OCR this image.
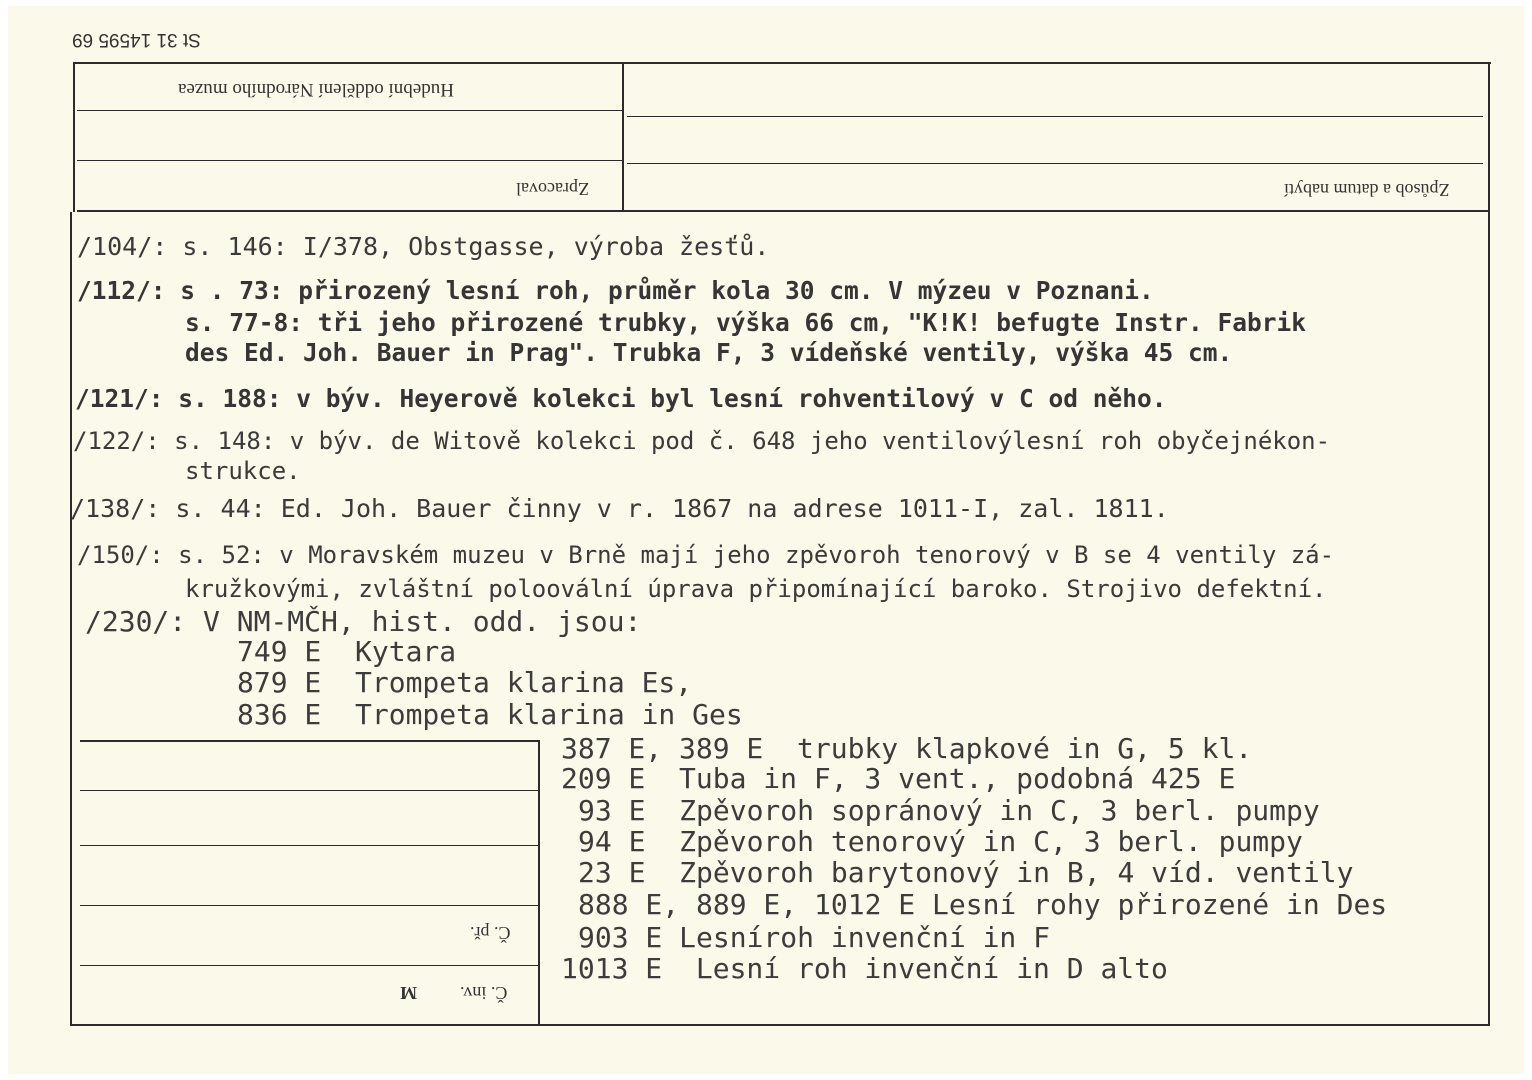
St 31 14595 69
Hudební oddělení Národního muzea
Zpracoval	Způsob a datum nabytí
Č. př.
Č. inv.
M
/104/: s. 146: I/378, Obstgasse, výroba žesťů.
/112/: s . 73: přirozený lesní roh, průměr kola 30 cm. V mýzeu v Poznani.
s. 77-8: tři jeho přirozené trubky, výška 66 cm, "K!K! befugte Instr. Fabrik
des Ed. Joh. Bauer in Prag". Trubka F, 3 vídeňské ventily, výška 45 cm.
/121/: s. 188: v býv. Heyerově kolekci byl lesní rohventilový v C od něho.
/122/: s. 148: v býv. de Witově kolekci pod č. 648 jeho ventilovýlesní roh obyčejnékon-
strukce.
/138/: s. 44: Ed. Joh. Bauer činny v r. 1867 na adrese 1011-I, zal. 1811.
/150/: s. 52: v Moravském muzeu v Brně mají jeho zpěvoroh tenorový v B se 4 ventily zá-
kružkovými, zvláštní poloovální úprava připomínající baroko. Strojivo defektní.
/230/: V NM-MČH, hist. odd. jsou:
749 E  Kytara
879 E  Trompeta klarina Es,
836 E  Trompeta klarina in Ges
387 E, 389 E  trubky klapkové in G, 5 kl.
209 E  Tuba in F, 3 vent., podobná 425 E
93 E  Zpěvoroh sopránový in C, 3 berl. pumpy
94 E  Zpěvoroh tenorový in C, 3 berl. pumpy
23 E  Zpěvoroh barytonový in B, 4 víd. ventily
888 E, 889 E, 1012 E Lesní rohy přirozené in Des
903 E Lesníroh invenční in F
1013 E  Lesní roh invenční in D alto
